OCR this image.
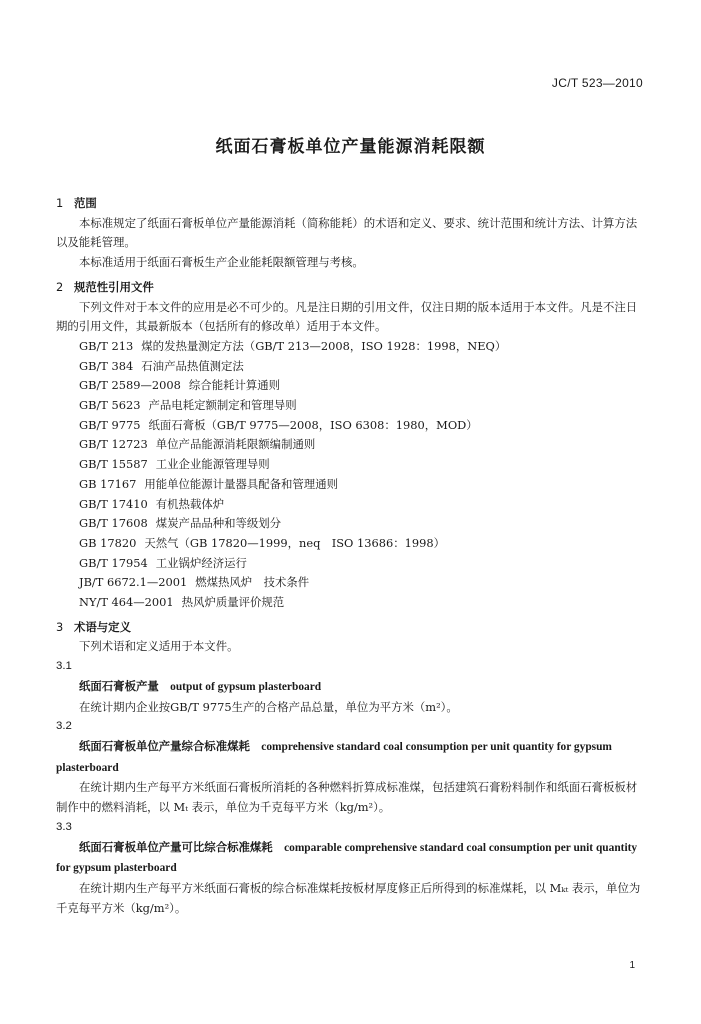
JC/T 523—2010
纸面石膏板单位产量能源消耗限额

1 范围

本标准规定了纸面石膏板单位产量能源消耗（简称能耗）的术语和定义、要求、统计范围和统计方法、计算方法以及能耗管理。

本标准适用于纸面石膏板生产企业能耗限额管理与考核。

2 规范性引用文件

下列文件对于本文件的应用是必不可少的。凡是注日期的引用文件，仅注日期的版本适用于本文件。凡是不注日期的引用文件，其最新版本（包括所有的修改单）适用于本文件。

GB/T 213 煤的发热量测定方法（GB/T 213—2008，ISO 1928：1998，NEQ）

GB/T 384 石油产品热值测定法

GB/T 2589—2008 综合能耗计算通则

GB/T 5623 产品电耗定额制定和管理导则

GB/T 9775 纸面石膏板（GB/T 9775—2008，ISO 6308：1980，MOD）

GB/T 12723 单位产品能源消耗限额编制通则

GB/T 15587 工业企业能源管理导则

GB 17167 用能单位能源计量器具配备和管理通则

GB/T 17410 有机热载体炉

GB/T 17608 煤炭产品品种和等级划分

GB 17820 天然气（GB 17820—1999，neq　ISO 13686：1998）

GB/T 17954 工业锅炉经济运行

JB/T 6672.1—2001 燃煤热风炉　技术条件

NY/T 464—2001 热风炉质量评价规范

3 术语与定义

下列术语和定义适用于本文件。

3.1

纸面石膏板产量　 output of gypsum plasterboard

在统计期内企业按GB/T 9775生产的合格产品总量，单位为平方米（m²）。

3.2

纸面石膏板单位产量综合标准煤耗　 comprehensive standard coal consumption per unit quantity for gypsum plasterboard

在统计期内生产每平方米纸面石膏板所消耗的各种燃料折算成标准煤，包括建筑石膏粉料制作和纸面石膏板板材制作中的燃料消耗，以 Mₜ 表示，单位为千克每平方米（kg/m²）。

3.3

纸面石膏板单位产量可比综合标准煤耗　 comparable comprehensive standard coal consumption per unit quantity for gypsum plasterboard

在统计期内生产每平方米纸面石膏板的综合标准煤耗按板材厚度修正后所得到的标准煤耗，以 Mₖₜ 表示，单位为千克每平方米（kg/m²）。

1
